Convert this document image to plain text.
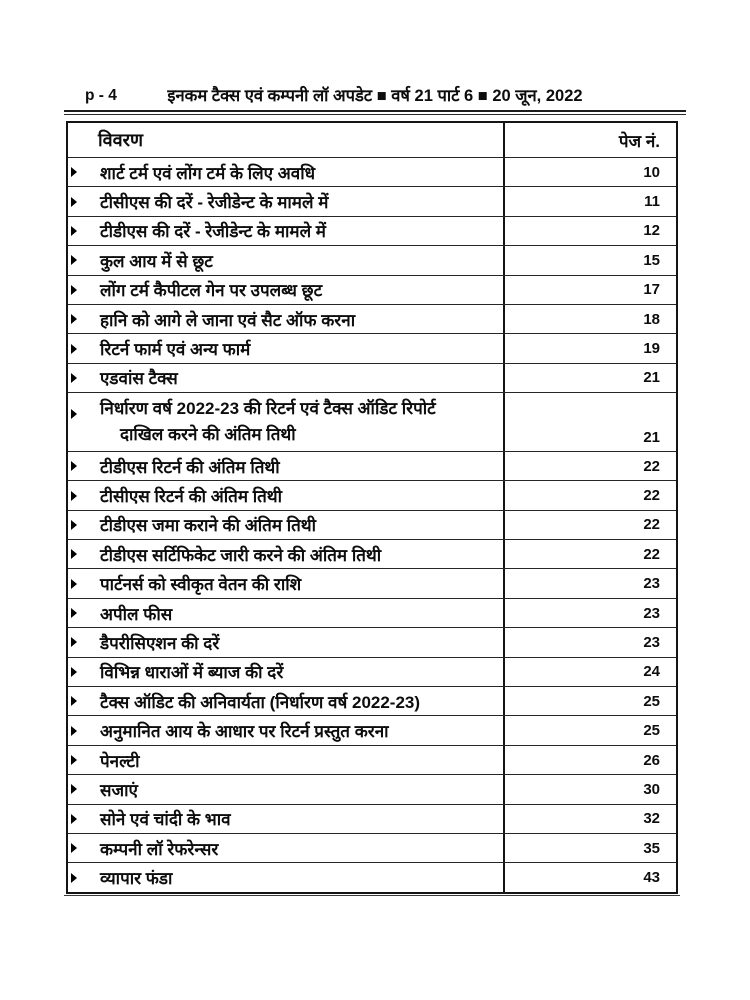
p - 4	इनकम टैक्स एवं कम्पनी लॉ अपडेट ■ वर्ष 21 पार्ट 6 ■ 20 जून, 2022
विवरण	पेज नं.
शार्ट टर्म एवं लोंग टर्म के लिए अवधि	10
टीसीएस की दरें - रेजीडेन्ट के मामले में	11
टीडीएस की दरें - रेजीडेन्ट के मामले में	12
कुल आय में से छूट	15
लोंग टर्म कैपीटल गेन पर उपलब्ध छूट	17
हानि को आगे ले जाना एवं सैट ऑफ करना	18
रिटर्न फार्म एवं अन्य फार्म	19
एडवांस टैक्स	21
निर्धारण वर्ष 2022-23 की रिटर्न एवं टैक्स ऑडिट रिपोर्ट
दाखिल करने की अंतिम तिथी	21
टीडीएस रिटर्न की अंतिम तिथी	22
टीसीएस रिटर्न की अंतिम तिथी	22
टीडीएस जमा कराने की अंतिम तिथी	22
टीडीएस सर्टिफिकेट जारी करने की अंतिम तिथी	22
पार्टनर्स को स्वीकृत वेतन की राशि	23
अपील फीस	23
डैपरीसिएशन की दरें	23
विभिन्न धाराओं में ब्याज की दरें	24
टैक्स ऑडिट की अनिवार्यता (निर्धारण वर्ष 2022-23)	25
अनुमानित आय के आधार पर रिटर्न प्रस्तुत करना	25
पेनल्टी	26
सजाएं	30
सोने एवं चांदी के भाव	32
कम्पनी लॉ रेफरेन्सर	35
व्यापार फंडा	43
